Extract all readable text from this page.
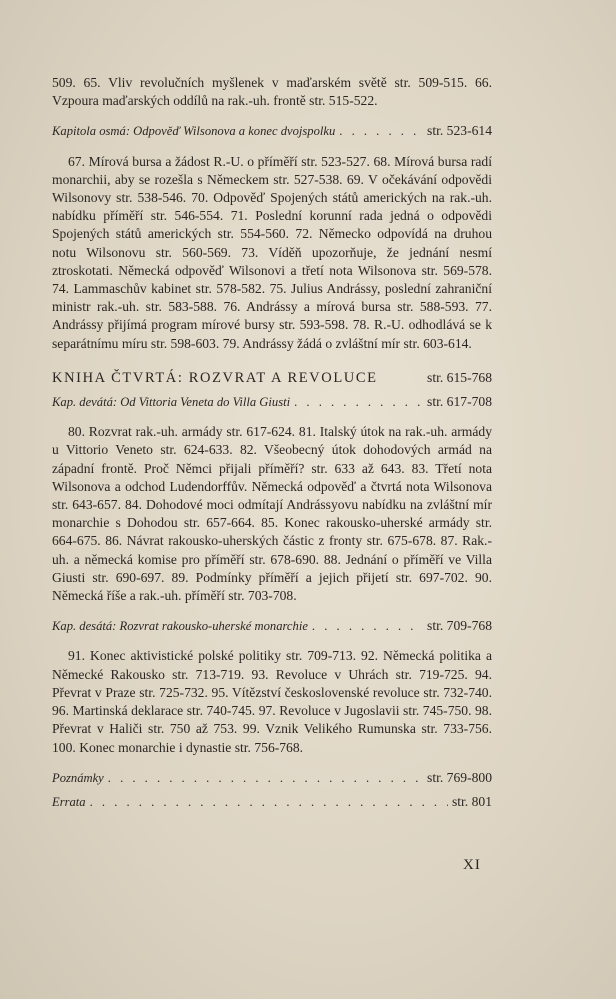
509. 65. Vliv revolučních myšlenek v maďarském světě str. 509-515. 66. Vzpoura maďarských oddílů na rak.-uh. frontě str. 515-522.

Kapitola osmá: Odpověď Wilsonova a konec dvojspolku . . .	str. 523-614

67. Mírová bursa a žádost R.-U. o příměří str. 523-527. 68. Mírová bursa radí monarchii, aby se rozešla s Německem str. 527-538. 69. V očekávání odpovědi Wilsonovy str. 538-546. 70. Odpověď Spojených států amerických na rak.-uh. nabídku příměří str. 546-554. 71. Poslední korunní rada jedná o odpovědi Spojených států amerických str. 554-560. 72. Německo odpovídá na druhou notu Wilsonovu str. 560-569. 73. Víděň upozorňuje, že jednání nesmí ztroskotati. Německá odpověď Wilsonovi a třetí nota Wilsonova str. 569-578. 74. Lammaschův kabinet str. 578-582. 75. Julius Andrássy, poslední zahraniční ministr rak.-uh. str. 583-588. 76. Andrássy a mírová bursa str. 588-593. 77. Andrássy přijímá program mírové bursy str. 593-598. 78. R.-U. odhodlává se k separátnímu míru str. 598-603. 79. Andrássy žádá o zvláštní mír str. 603-614.

KNIHA ČTVRTÁ: ROZVRAT A REVOLUCE	str. 615-768
Kap. devátá: Od Vittoria Veneta do Villa Giusti . . .	str. 617-708

80. Rozvrat rak.-uh. armády str. 617-624. 81. Italský útok na rak.-uh. armády u Vittorio Veneto str. 624-633. 82. Všeobecný útok dohodových armád na západní frontě. Proč Němci přijali příměří? str. 633 až 643. 83. Třetí nota Wilsonova a odchod Ludendorffův. Německá odpověď a čtvrtá nota Wilsonova str. 643-657. 84. Dohodové moci odmítají Andrássyovu nabídku na zvláštní mír monarchie s Dohodou str. 657-664. 85. Konec rakousko-uherské armády str. 664-675. 86. Návrat rakousko-uherských částic z fronty str. 675-678. 87. Rak.-uh. a německá komise pro příměří str. 678-690. 88. Jednání o příměří ve Villa Giusti str. 690-697. 89. Podmínky příměří a jejich přijetí str. 697-702. 90. Německá říše a rak.-uh. příměří str. 703-708.

Kap. desátá: Rozvrat rakousko-uherské monarchie . . .	str. 709-768

91. Konec aktivistické polské politiky str. 709-713. 92. Německá politika a Německé Rakousko str. 713-719. 93. Revoluce v Uhrách str. 719-725. 94. Převrat v Praze str. 725-732. 95. Vítězství československé revoluce str. 732-740. 96. Martinská deklarace str. 740-745. 97. Revoluce v Jugoslavii str. 745-750. 98. Převrat v Haliči str. 750 až 753. 99. Vznik Velikého Rumunska str. 733-756. 100. Konec monarchie i dynastie str. 756-768.

Poznámky . . .	str. 769-800
Errata . . .	str. 801
XI
